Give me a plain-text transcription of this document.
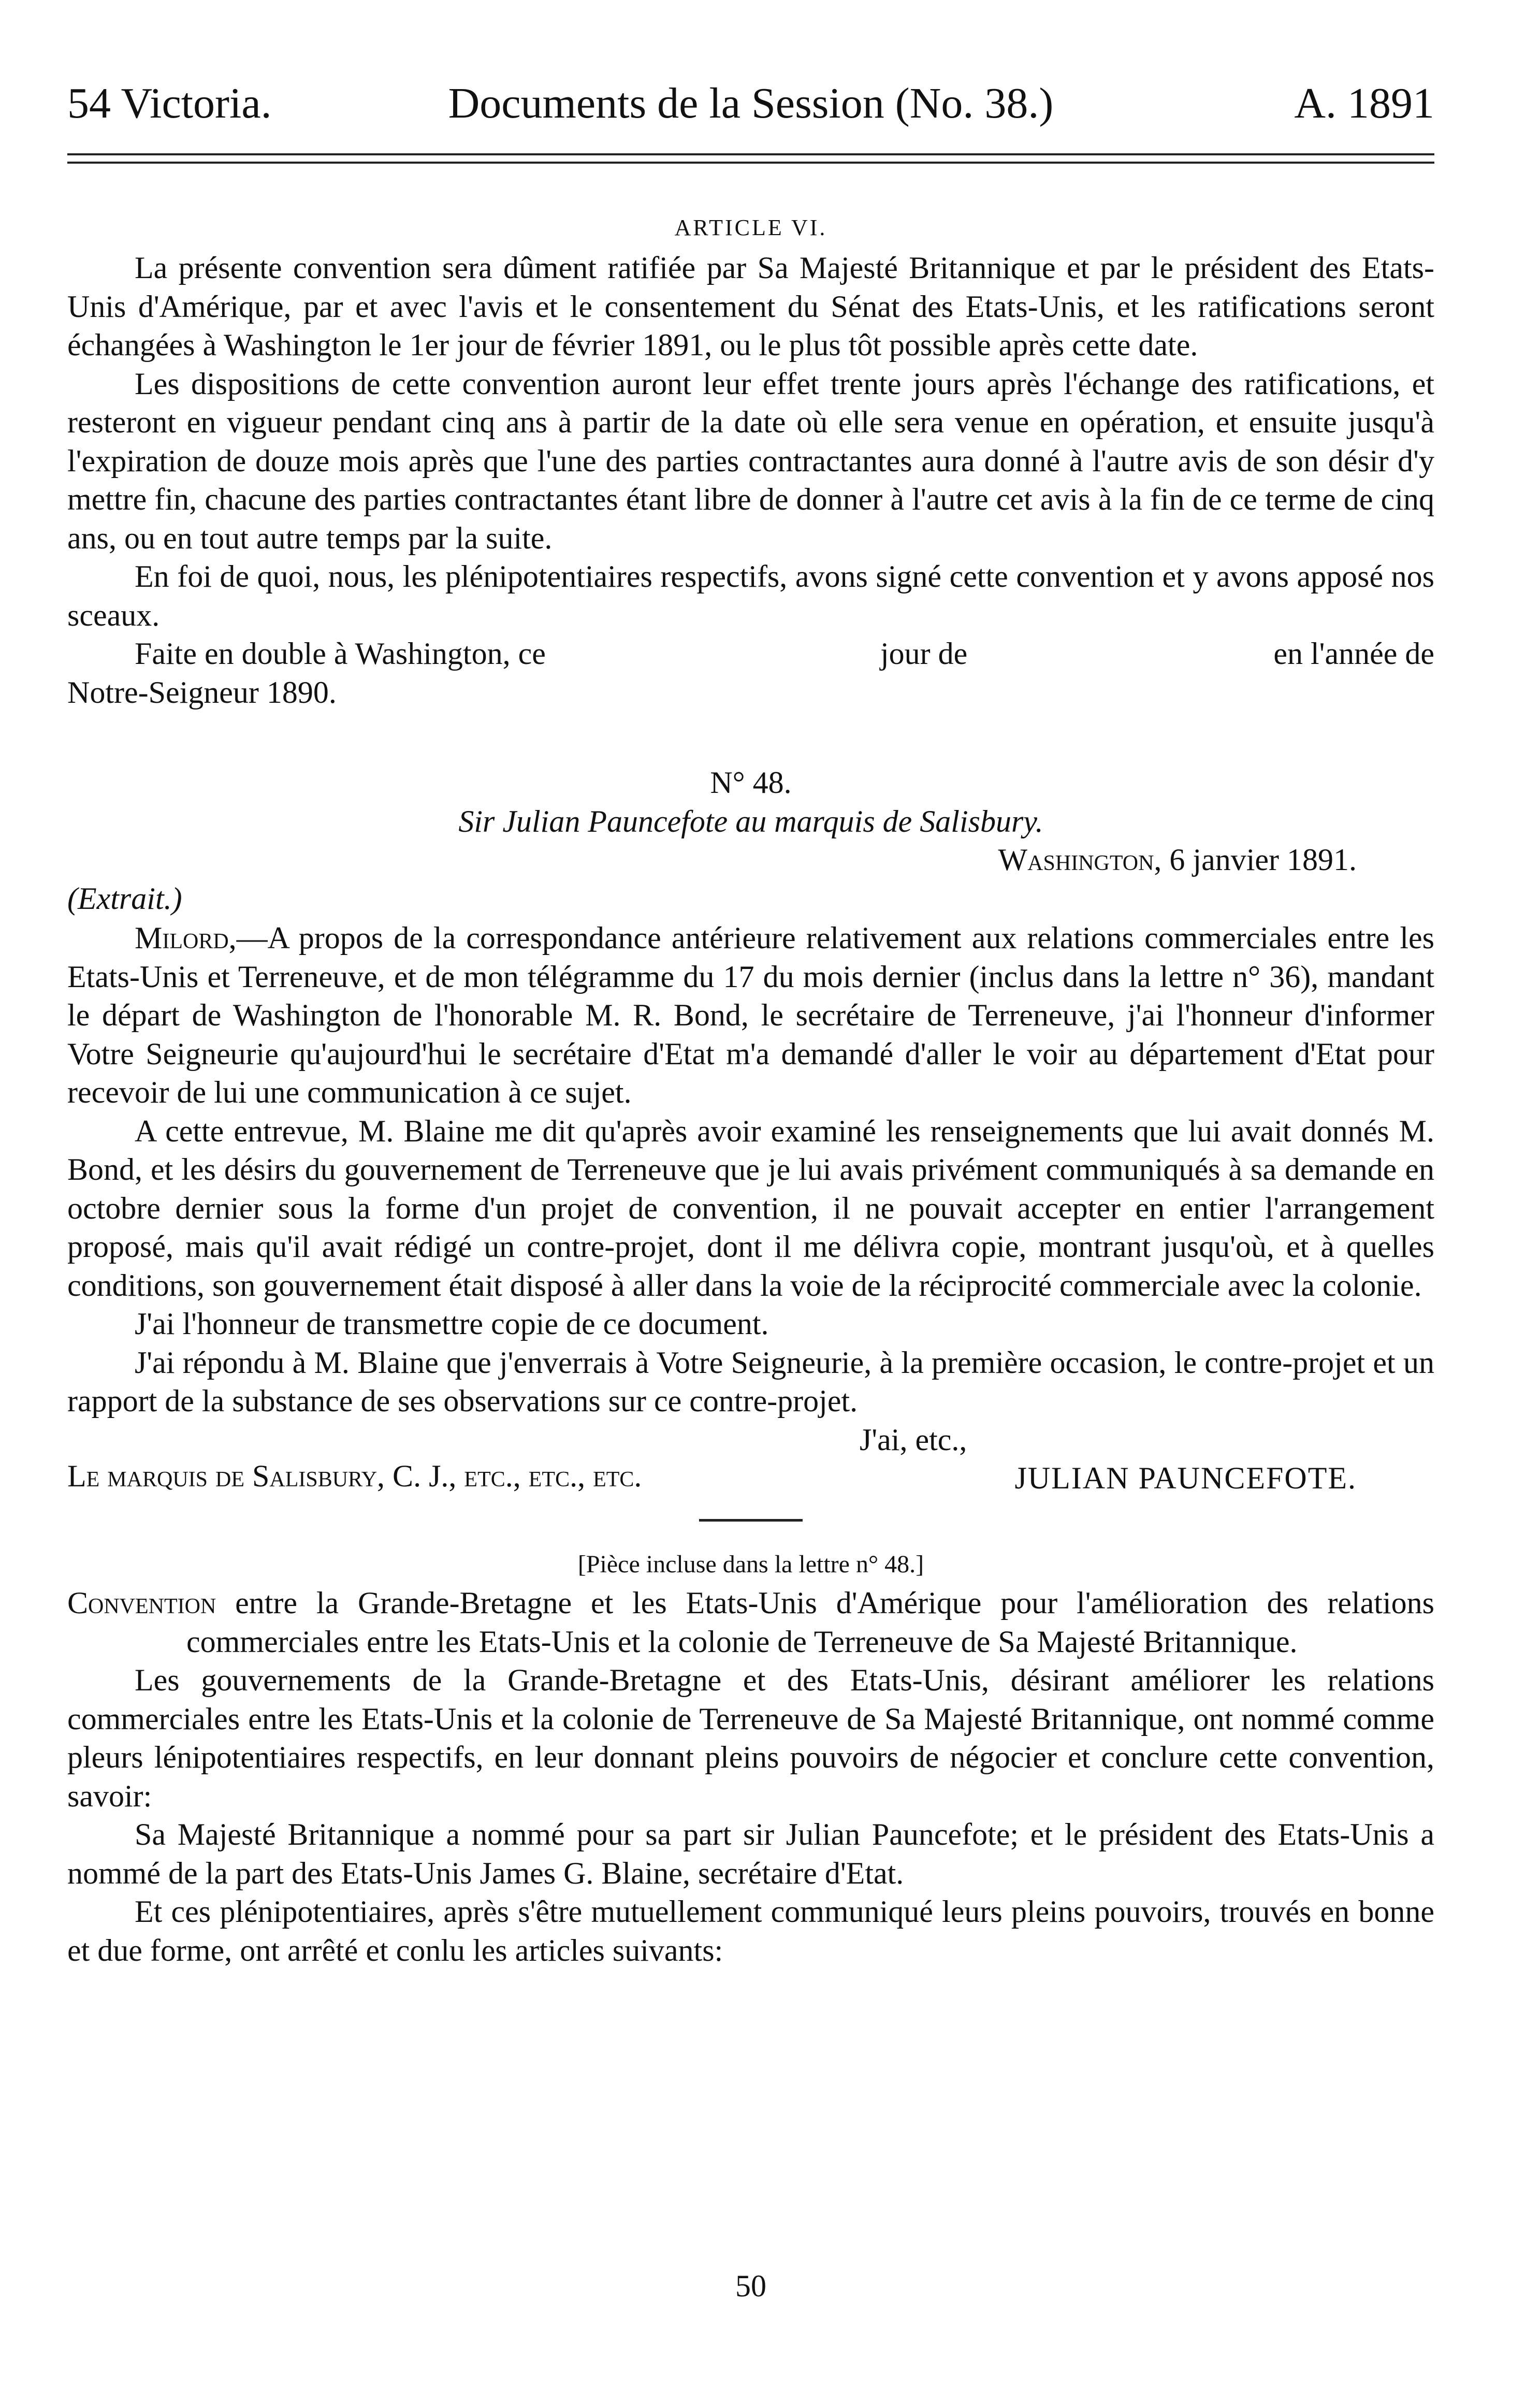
54 Victoria.	Documents de la Session (No. 38.)	A. 1891
ARTICLE VI.

La présente convention sera dûment ratifiée par Sa Majesté Britannique et par le président des Etats-Unis d'Amérique, par et avec l'avis et le consentement du Sénat des Etats-Unis, et les ratifications seront échangées à Washington le 1er jour de février 1891, ou le plus tôt possible après cette date.

Les dispositions de cette convention auront leur effet trente jours après l'échange des ratifications, et resteront en vigueur pendant cinq ans à partir de la date où elle sera venue en opération, et ensuite jusqu'à l'expiration de douze mois après que l'une des parties contractantes aura donné à l'autre avis de son désir d'y mettre fin, chacune des parties contractantes étant libre de donner à l'autre cet avis à la fin de ce terme de cinq ans, ou en tout autre temps par la suite.

En foi de quoi, nous, les plénipotentiaires respectifs, avons signé cette convention et y avons apposé nos sceaux.

Faite en double à Washington, ce	jour de	en l'année de

Notre-Seigneur 1890.

N° 48.
Sir Julian Pauncefote au marquis de Salisbury.
Washington, 6 janvier 1891.
(Extrait.)

Milord,—A propos de la correspondance antérieure relativement aux relations commerciales entre les Etats-Unis et Terreneuve, et de mon télégramme du 17 du mois dernier (inclus dans la lettre n° 36), mandant le départ de Washington de l'honorable M. R. Bond, le secrétaire de Terreneuve, j'ai l'honneur d'informer Votre Seigneurie qu'aujourd'hui le secrétaire d'Etat m'a demandé d'aller le voir au département d'Etat pour recevoir de lui une communication à ce sujet.

A cette entrevue, M. Blaine me dit qu'après avoir examiné les renseignements que lui avait donnés M. Bond, et les désirs du gouvernement de Terreneuve que je lui avais privément communiqués à sa demande en octobre dernier sous la forme d'un projet de convention, il ne pouvait accepter en entier l'arrangement proposé, mais qu'il avait rédigé un contre-projet, dont il me délivra copie, montrant jusqu'où, et à quelles conditions, son gouvernement était disposé à aller dans la voie de la réciprocité commerciale avec la colonie.

J'ai l'honneur de transmettre copie de ce document.

J'ai répondu à M. Blaine que j'enverrais à Votre Seigneurie, à la première occasion, le contre-projet et un rapport de la substance de ses observations sur ce contre-projet.

J'ai, etc.,
JULIAN PAUNCEFOTE.
Le marquis de Salisbury, C. J., etc., etc., etc.
[Pièce incluse dans la lettre n° 48.]

Convention entre la Grande-Bretagne et les Etats-Unis d'Amérique pour l'amélioration des relations commerciales entre les Etats-Unis et la colonie de Terreneuve de Sa Majesté Britannique.

Les gouvernements de la Grande-Bretagne et des Etats-Unis, désirant améliorer les relations commerciales entre les Etats-Unis et la colonie de Terreneuve de Sa Majesté Britannique, ont nommé comme pleurs lénipotentiaires respectifs, en leur donnant pleins pouvoirs de négocier et conclure cette convention, savoir:

Sa Majesté Britannique a nommé pour sa part sir Julian Pauncefote; et le président des Etats-Unis a nommé de la part des Etats-Unis James G. Blaine, secrétaire d'Etat.

Et ces plénipotentiaires, après s'être mutuellement communiqué leurs pleins pouvoirs, trouvés en bonne et due forme, ont arrêté et conlu les articles suivants:

50
